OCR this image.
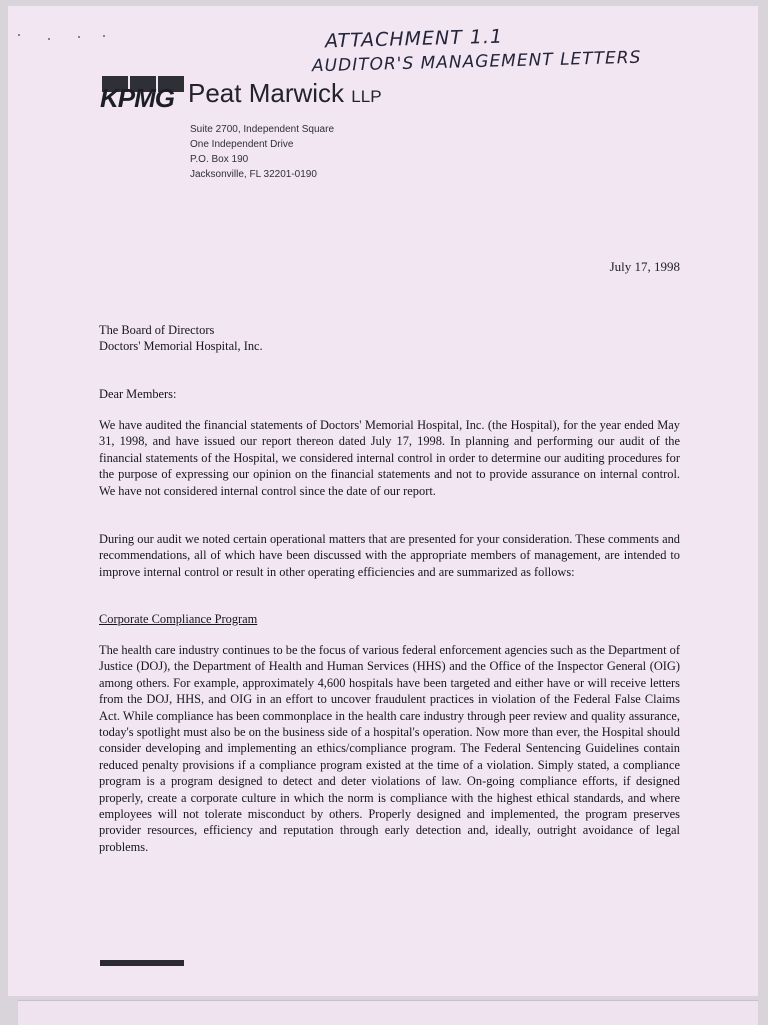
ATTACHMENT 1.1
AUDITOR'S MANAGEMENT LETTERS
KPMG Peat Marwick LLP
Suite 2700, Independent Square
One Independent Drive
P.O. Box 190
Jacksonville, FL 32201-0190
July 17, 1998
The Board of Directors
Doctors' Memorial Hospital, Inc.

Dear Members:

We have audited the financial statements of Doctors' Memorial Hospital, Inc. (the Hospital), for the year ended May 31, 1998, and have issued our report thereon dated July 17, 1998. In planning and performing our audit of the financial statements of the Hospital, we considered internal control in order to determine our auditing procedures for the purpose of expressing our opinion on the financial statements and not to provide assurance on internal control. We have not considered internal control since the date of our report.

During our audit we noted certain operational matters that are presented for your consideration. These comments and recommendations, all of which have been discussed with the appropriate members of management, are intended to improve internal control or result in other operating efficiencies and are summarized as follows:

Corporate Compliance Program

The health care industry continues to be the focus of various federal enforcement agencies such as the Department of Justice (DOJ), the Department of Health and Human Services (HHS) and the Office of the Inspector General (OIG) among others. For example, approximately 4,600 hospitals have been targeted and either have or will receive letters from the DOJ, HHS, and OIG in an effort to uncover fraudulent practices in violation of the Federal False Claims Act. While compliance has been commonplace in the health care industry through peer review and quality assurance, today's spotlight must also be on the business side of a hospital's operation. Now more than ever, the Hospital should consider developing and implementing an ethics/compliance program. The Federal Sentencing Guidelines contain reduced penalty provisions if a compliance program existed at the time of a violation. Simply stated, a compliance program is a program designed to detect and deter violations of law. On-going compliance efforts, if designed properly, create a corporate culture in which the norm is compliance with the highest ethical standards, and where employees will not tolerate misconduct by others. Properly designed and implemented, the program preserves provider resources, efficiency and reputation through early detection and, ideally, outright avoidance of legal problems.
